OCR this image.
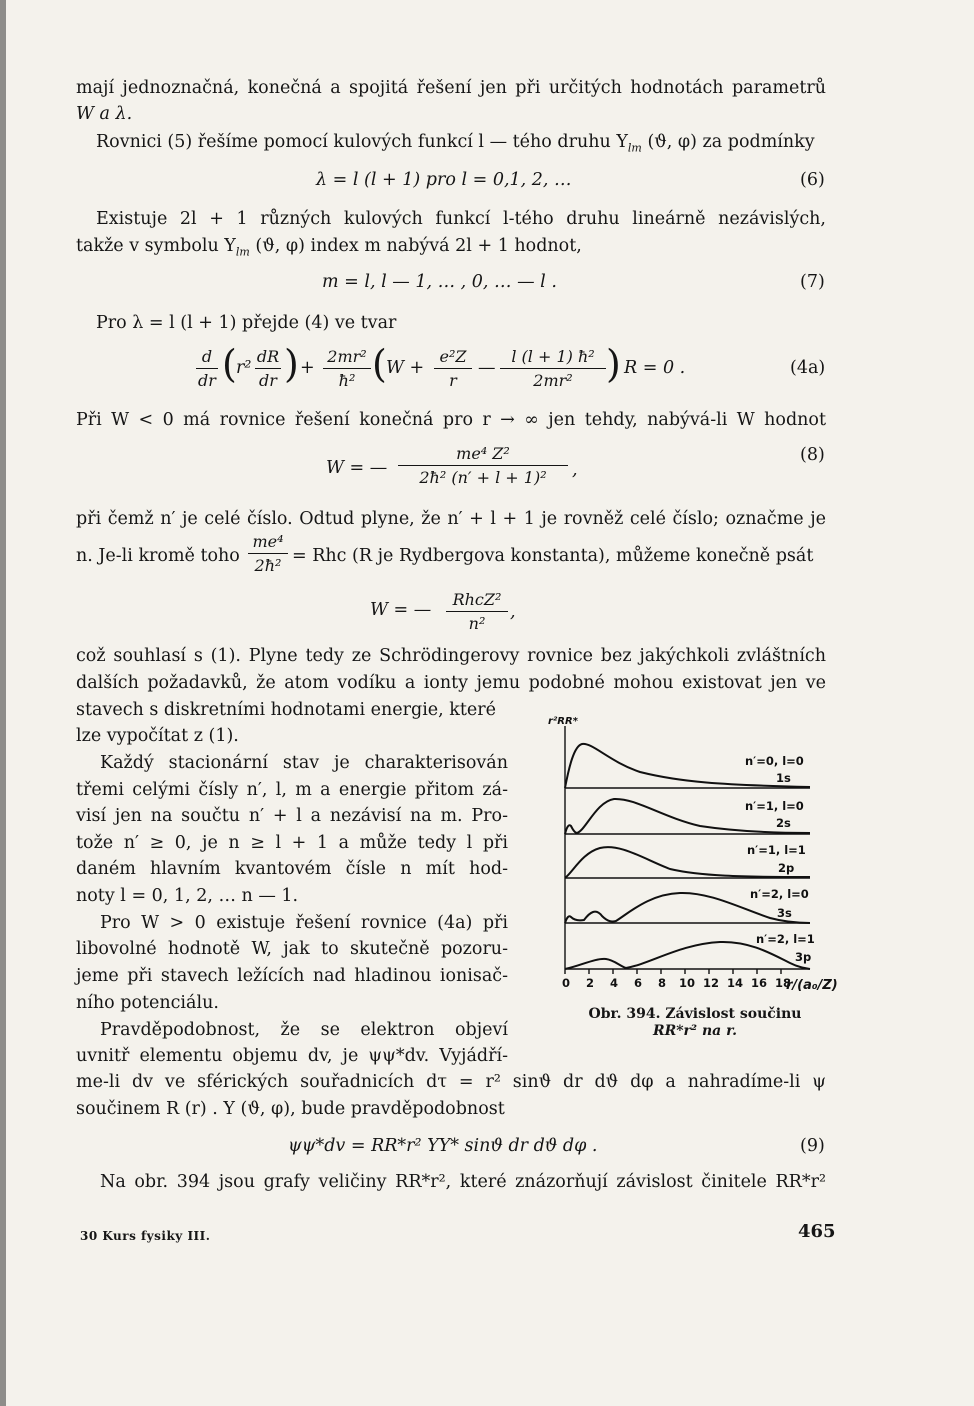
mají jednoznačná, konečná a spojitá řešení jen při určitých hodnotách parametrů
W a λ.
Rovnici (5) řešíme pomocí kulových funkcí l — tého druhu $Y_{lm}$ (ϑ, φ) za podmínky
λ = l (l + 1) pro l = 0,1, 2, …	(6)
Existuje 2l + 1 různých kulových funkcí l-tého druhu lineárně nezávislých,
takže v symbolu $Y_{lm}$ (ϑ, φ) index m nabývá 2l + 1 hodnot,
m = l, l — 1, … , 0, … — l .	(7)
Pro λ = l (l + 1) přejde (4) ve tvar
d
dr ( r²
dR
dr ) +
2mr²
ħ² ( W +
e²Z
r
—
l (l + 1) ħ²
2mr² ) R = 0 .	(4a)
Při W < 0 má rovnice řešení konečná pro r → ∞ jen tehdy, nabývá-li W hodnot
W = —
me⁴ Z²
2ħ² (n′ + l + 1)²	,
(8)
při čemž n′ je celé číslo. Odtud plyne, že n′ + l + 1 je rovněž celé číslo; označme je
n. Je-li kromě toho
me⁴
2ħ² = Rhc (R je Rydbergova konstanta), můžeme konečně psát
W = —
RhcZ²
n²
,
což souhlasí s (1). Plyne tedy ze Schrödingerovy rovnice bez jakýchkoli zvláštních
dalších požadavků, že atom vodíku a ionty jemu podobné mohou existovat jen ve
stavech s diskretními hodnotami energie, které
lze vypočítat z (1).
Každý stacionární stav je charakterisován
třemi celými čísly n′, l, m a energie přitom zá-
visí jen na součtu n′ + l a nezávisí na m. Pro-
tože n′ ≥ 0, je n ≥ l + 1 a může tedy l při
daném hlavním kvantovém čísle n mít hod-
noty l = 0, 1, 2, … n — 1.
Pro W > 0 existuje řešení rovnice (4a) při
libovolné hodnotě W, jak to skutečně pozoru-
jeme při stavech ležících nad hladinou ionisač-
ního potenciálu.
Pravděpodobnost, že se elektron objeví
uvnitř elementu objemu dv, je ψψ*dv. Vyjádří-
me-li dv ve sférických souřadnicích dτ = r² sinϑ dr dϑ dφ a nahradíme-li ψ
součinem R (r) . Y (ϑ, φ), bude pravděpodobnost
ψψ*dv = RR*r² YY* sinϑ dr dϑ dφ .	(9)
Na obr. 394 jsou grafy veličiny RR*r², které znázorňují závislost činitele RR*r²
r²RR*
n′=0, l=0
1s
n′=1, l=0
2s
n′=1, l=1
2p
n′=2, l=0
3s
n′=2, l=1
3p
0 2 4 6 8 10 12 14 16 18
r/(a₀/Z)
Obr. 394. Závislost součinu
RR*r² na r.
30 Kurs fysiky III.	465
